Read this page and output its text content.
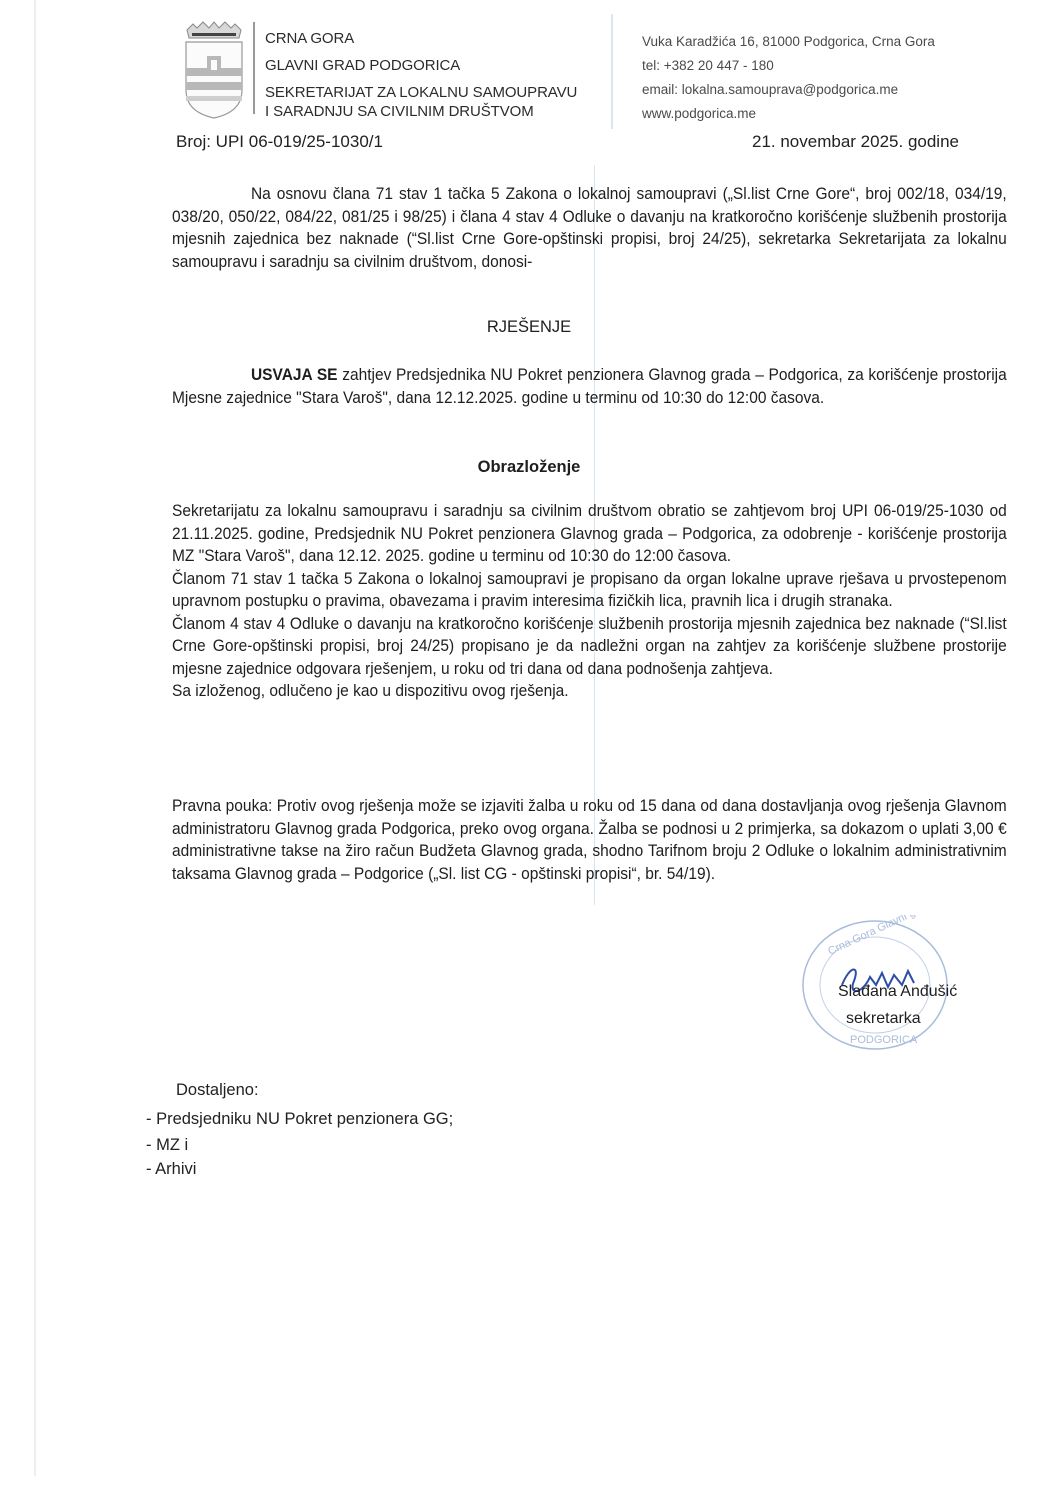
CRNA GORA
GLAVNI GRAD PODGORICA
SEKRETARIJAT ZA LOKALNU SAMOUPRAVU
I SARADNJU SA CIVILNIM DRUŠTVOM
Vuka Karadžića 16, 81000 Podgorica, Crna Gora
tel: +382 20 447 - 180
email: lokalna.samouprava@podgorica.me
www.podgorica.me
Broj: UPI 06-019/25-1030/1	21. novembar 2025. godine
Na osnovu člana 71 stav 1 tačka 5 Zakona o lokalnoj samoupravi („Sl.list Crne Gore“, broj 002/18, 034/19, 038/20, 050/22, 084/22, 081/25 i 98/25) i člana 4 stav 4 Odluke o davanju na kratkoročno korišćenje službenih prostorija mjesnih zajednica bez naknade (“Sl.list Crne Gore-opštinski propisi, broj 24/25), sekretarka Sekretarijata za lokalnu samoupravu i saradnju sa civilnim društvom, donosi-
RJEŠENJE
USVAJA SE zahtjev Predsjednika NU Pokret penzionera Glavnog grada – Podgorica, za korišćenje prostorija Mjesne zajednice "Stara Varoš", dana 12.12.2025. godine u terminu od 10:30 do 12:00 časova.
Obrazloženje

Sekretarijatu za lokalnu samoupravu i saradnju sa civilnim društvom obratio se zahtjevom broj UPI 06-019/25-1030 od 21.11.2025. godine, Predsjednik NU Pokret penzionera Glavnog grada – Podgorica, za odobrenje - korišćenje prostorija MZ "Stara Varoš", dana 12.12. 2025. godine u terminu od 10:30 do 12:00 časova.

Članom 71 stav 1 tačka 5 Zakona o lokalnoj samoupravi je propisano da organ lokalne uprave rješava u prvostepenom upravnom postupku o pravima, obavezama i pravim interesima fizičkih lica, pravnih lica i drugih stranaka.

Članom 4 stav 4 Odluke o davanju na kratkoročno korišćenje službenih prostorija mjesnih zajednica bez naknade (“Sl.list Crne Gore-opštinski propisi, broj 24/25) propisano je da nadležni organ na zahtjev za korišćenje službene prostorije mjesne zajednice odgovara rješenjem, u roku od tri dana od dana podnošenja zahtjeva.

Sa izloženog, odlučeno je kao u dispozitivu ovog rješenja.

Pravna pouka: Protiv ovog rješenja može se izjaviti žalba u roku od 15 dana od dana dostavljanja ovog rješenja Glavnom administratoru Glavnog grada Podgorica, preko ovog organa. Žalba se podnosi u 2 primjerka, sa dokazom o uplati 3,00 € administrativne takse na žiro račun Budžeta Glavnog grada, shodno Tarifnom broju 2 Odluke o lokalnim administrativnim taksama Glavnog grada – Podgorice („Sl. list CG - opštinski propisi“, br. 54/19).
Crna Gora Glavni grad
PODGORICA
Slađana Anđušić
sekretarka
Dostaljeno:
- Predsjedniku NU Pokret penzionera GG;
- MZ i
- Arhivi
